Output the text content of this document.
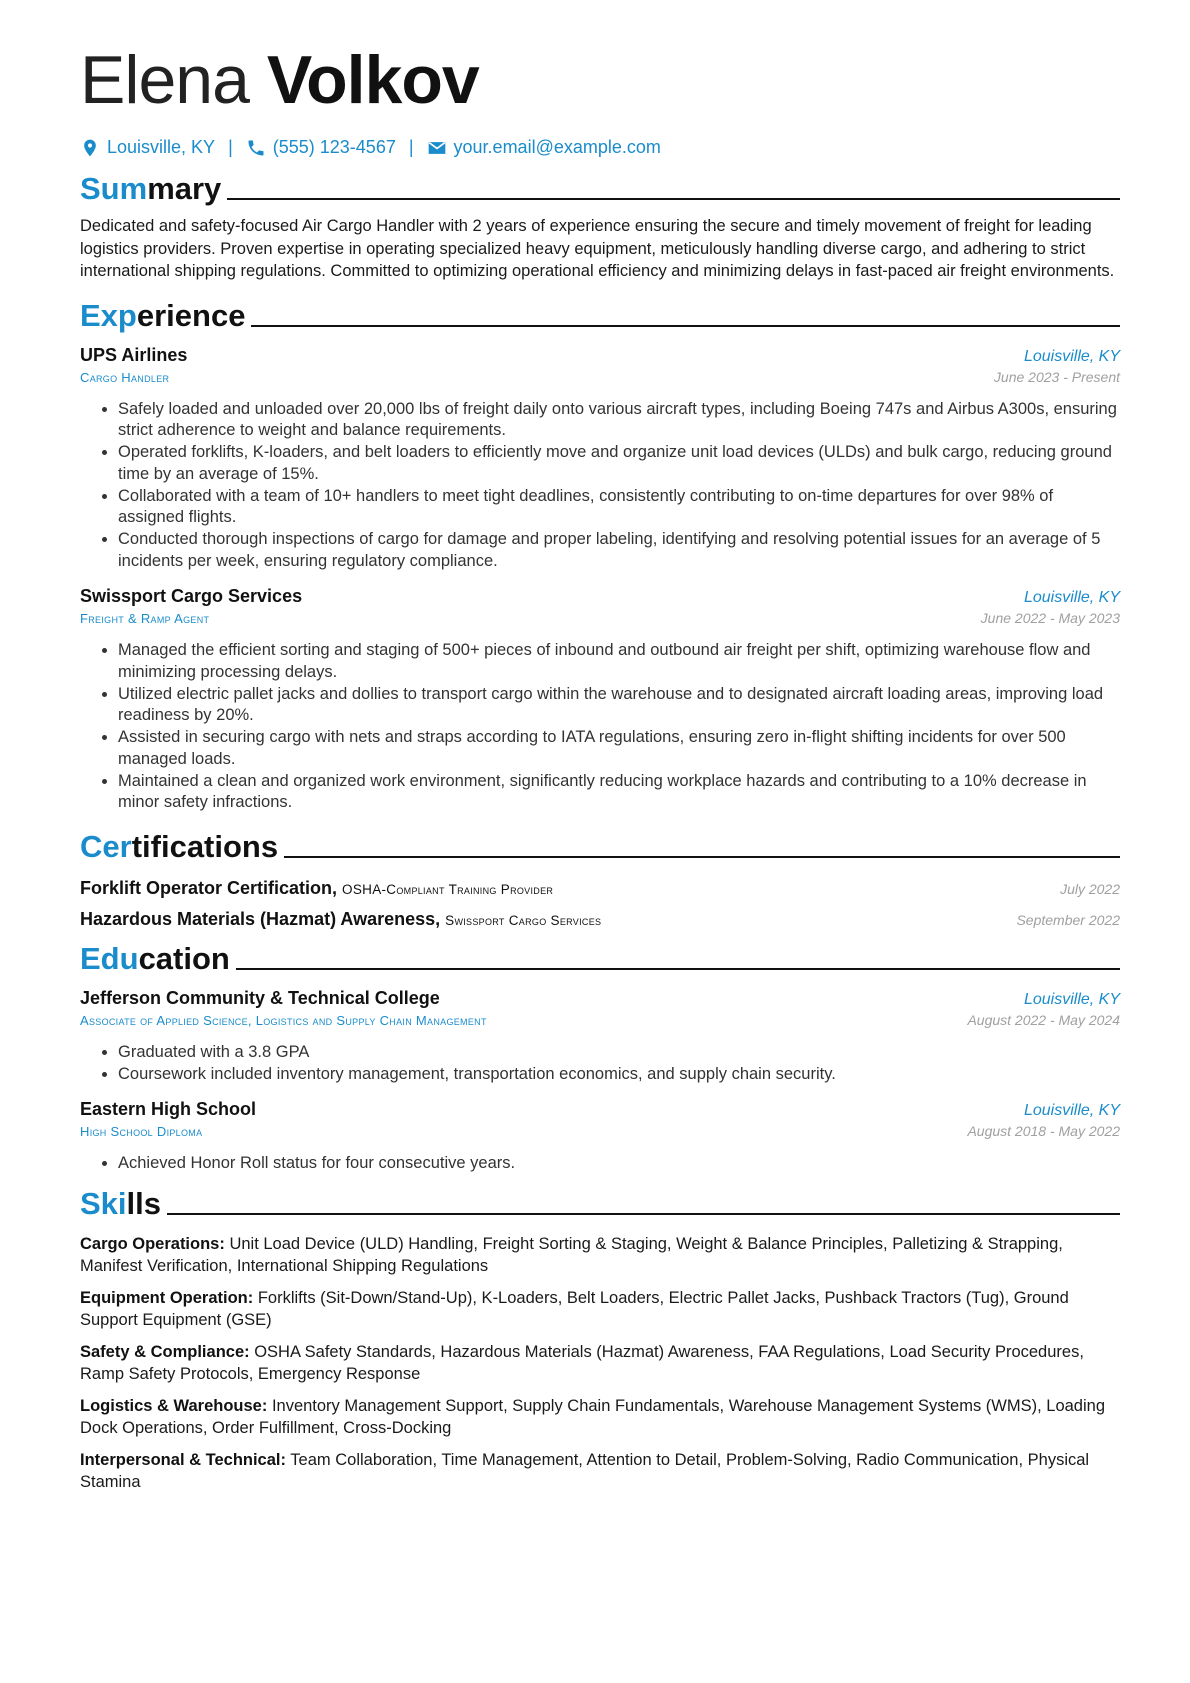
Elena Volkov
Louisville, KY | (555) 123-4567 | your.email@example.com
Summary
Dedicated and safety-focused Air Cargo Handler with 2 years of experience ensuring the secure and timely movement of freight for leading logistics providers. Proven expertise in operating specialized heavy equipment, meticulously handling diverse cargo, and adhering to strict international shipping regulations. Committed to optimizing operational efficiency and minimizing delays in fast-paced air freight environments.
Experience
UPS Airlines	Louisville, KY
Cargo Handler	June 2023 - Present
• Safely loaded and unloaded over 20,000 lbs of freight daily onto various aircraft types, including Boeing 747s and Airbus A300s, ensuring strict adherence to weight and balance requirements.
• Operated forklifts, K-loaders, and belt loaders to efficiently move and organize unit load devices (ULDs) and bulk cargo, reducing ground time by an average of 15%.
• Collaborated with a team of 10+ handlers to meet tight deadlines, consistently contributing to on-time departures for over 98% of assigned flights.
• Conducted thorough inspections of cargo for damage and proper labeling, identifying and resolving potential issues for an average of 5 incidents per week, ensuring regulatory compliance.
Swissport Cargo Services	Louisville, KY
Freight & Ramp Agent	June 2022 - May 2023
• Managed the efficient sorting and staging of 500+ pieces of inbound and outbound air freight per shift, optimizing warehouse flow and minimizing processing delays.
• Utilized electric pallet jacks and dollies to transport cargo within the warehouse and to designated aircraft loading areas, improving load readiness by 20%.
• Assisted in securing cargo with nets and straps according to IATA regulations, ensuring zero in-flight shifting incidents for over 500 managed loads.
• Maintained a clean and organized work environment, significantly reducing workplace hazards and contributing to a 10% decrease in minor safety infractions.
Certifications
Forklift Operator Certification, OSHA-Compliant Training Provider	July 2022
Hazardous Materials (Hazmat) Awareness, Swissport Cargo Services	September 2022
Education
Jefferson Community & Technical College	Louisville, KY
Associate of Applied Science, Logistics and Supply Chain Management	August 2022 - May 2024
• Graduated with a 3.8 GPA
• Coursework included inventory management, transportation economics, and supply chain security.
Eastern High School	Louisville, KY
High School Diploma	August 2018 - May 2022
• Achieved Honor Roll status for four consecutive years.
Skills
Cargo Operations: Unit Load Device (ULD) Handling, Freight Sorting & Staging, Weight & Balance Principles, Palletizing & Strapping, Manifest Verification, International Shipping Regulations
Equipment Operation: Forklifts (Sit-Down/Stand-Up), K-Loaders, Belt Loaders, Electric Pallet Jacks, Pushback Tractors (Tug), Ground Support Equipment (GSE)
Safety & Compliance: OSHA Safety Standards, Hazardous Materials (Hazmat) Awareness, FAA Regulations, Load Security Procedures, Ramp Safety Protocols, Emergency Response
Logistics & Warehouse: Inventory Management Support, Supply Chain Fundamentals, Warehouse Management Systems (WMS), Loading Dock Operations, Order Fulfillment, Cross-Docking
Interpersonal & Technical: Team Collaboration, Time Management, Attention to Detail, Problem-Solving, Radio Communication, Physical Stamina
